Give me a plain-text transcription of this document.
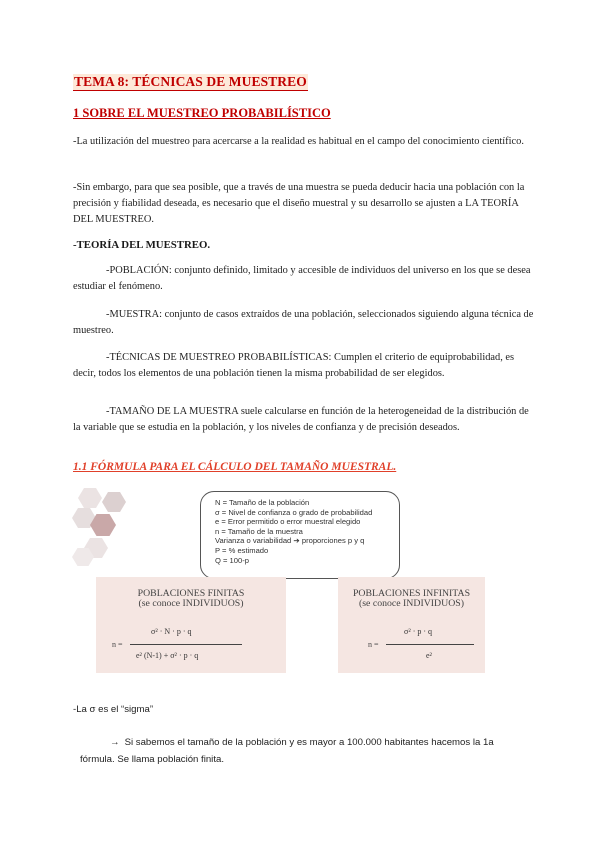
TEMA 8: TÉCNICAS DE MUESTREO
1 SOBRE EL MUESTREO PROBABILÍSTICO

-La utilización del muestreo para acercarse a la realidad es habitual en el campo del conocimiento científico.

-Sin embargo, para que sea posible, que a través de una muestra se pueda deducir hacia una población con la precisión y fiabilidad deseada, es necesario que el diseño muestral y su desarrollo se ajusten a LA TEORÍA DEL MUESTREO.

-TEORÍA DEL MUESTREO.

-POBLACIÓN: conjunto definido, limitado y accesible de individuos del universo en los que se desea estudiar el fenómeno.

-MUESTRA: conjunto de casos extraídos de una población, seleccionados siguiendo alguna técnica de muestreo.

-TÉCNICAS DE MUESTREO PROBABILÍSTICAS: Cumplen el criterio de equiprobabilidad, es decir, todos los elementos de una población tienen la misma probabilidad de ser elegidos.

-TAMAÑO DE LA MUESTRA suele calcularse en función de la heterogeneidad de la distribución de la variable que se estudia en la población, y los niveles de confianza y de precisión deseados.

1.1 FÓRMULA PARA EL CÁLCULO DEL TAMAÑO MUESTRAL.
N = Tamaño de la población
σ = Nivel de confianza o grado de probabilidad
e = Error permitido o error muestral elegido
n = Tamaño de la muestra
Varianza o variabilidad ➔ proporciones p y q
P = % estimado
Q = 100-p
POBLACIONES FINITAS
(se conoce INDIVIDUOS)
n =
σ² · N · p · q
e² (N-1) + σ² · p · q
POBLACIONES INFINITAS
(se conoce INDIVIDUOS)
n =
σ² · p · q
e²

-La σ es el “sigma”

→ Si sabemos el tamaño de la población y es mayor a 100.000 habitantes hacemos la 1a fórmula. Se llama población finita.
